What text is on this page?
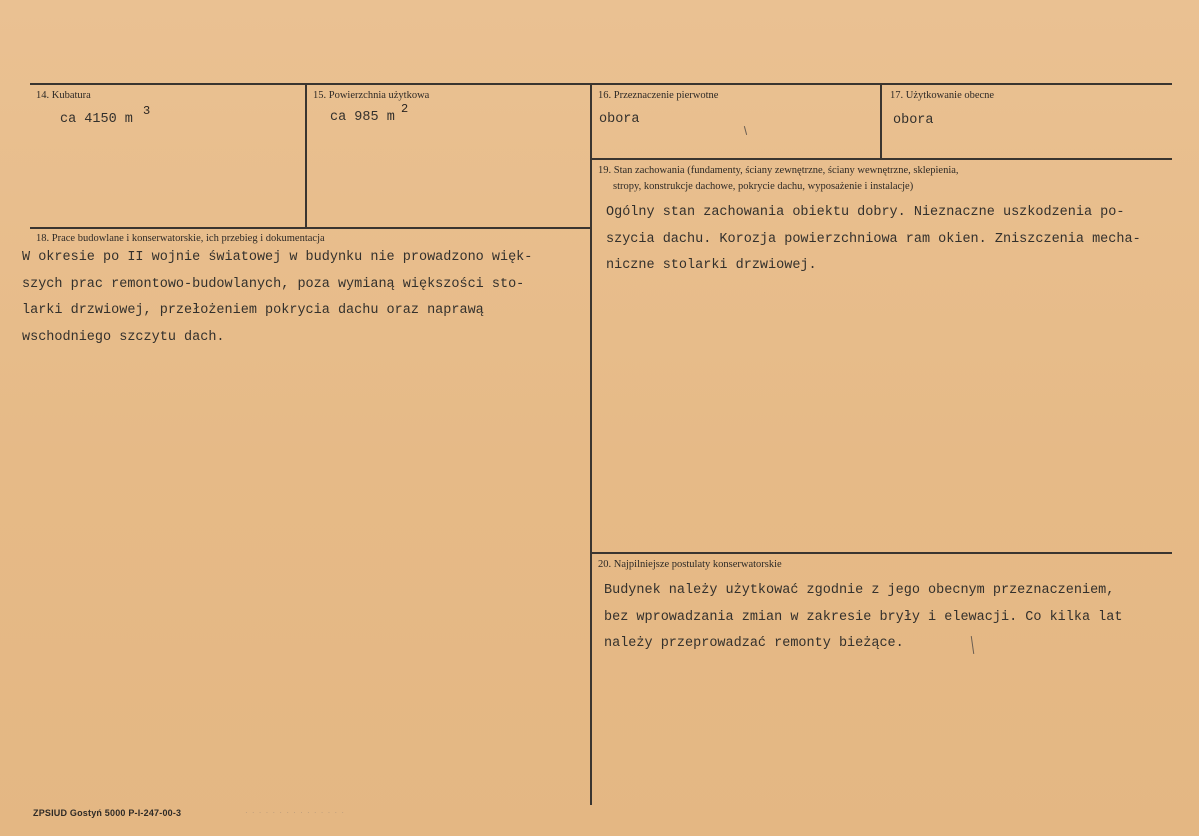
14. Kubatura
ca 4150 m
3
15. Powierzchnia użytkowa
ca 985 m
2
16. Przeznaczenie pierwotne
obora
17. Użytkowanie obecne
obora
19. Stan zachowania (fundamenty, ściany zewnętrzne, ściany wewnętrzne, sklepienia,
stropy, konstrukcje dachowe, pokrycie dachu, wyposażenie i instalacje)
Ogólny stan zachowania obiektu dobry. Nieznaczne uszkodzenia po-
szycia dachu. Korozja powierzchniowa ram okien. Zniszczenia mecha-
niczne stolarki drzwiowej.
18. Prace budowlane i konserwatorskie, ich przebieg i dokumentacja
W okresie po II wojnie światowej w budynku nie prowadzono więk-
szych prac remontowo-budowlanych, poza wymianą większości sto-
larki drzwiowej, przełożeniem pokrycia dachu oraz naprawą
wschodniego szczytu dach.
20. Najpilniejsze postulaty konserwatorskie
Budynek należy użytkować zgodnie z jego obecnym przeznaczeniem,
bez wprowadzania zmian w zakresie bryły i elewacji. Co kilka lat
należy przeprowadzać remonty bieżące.
ZPSIUD Gostyń 5000 P-I-247-00-3	· · · · · · · · · · · · · · ·
